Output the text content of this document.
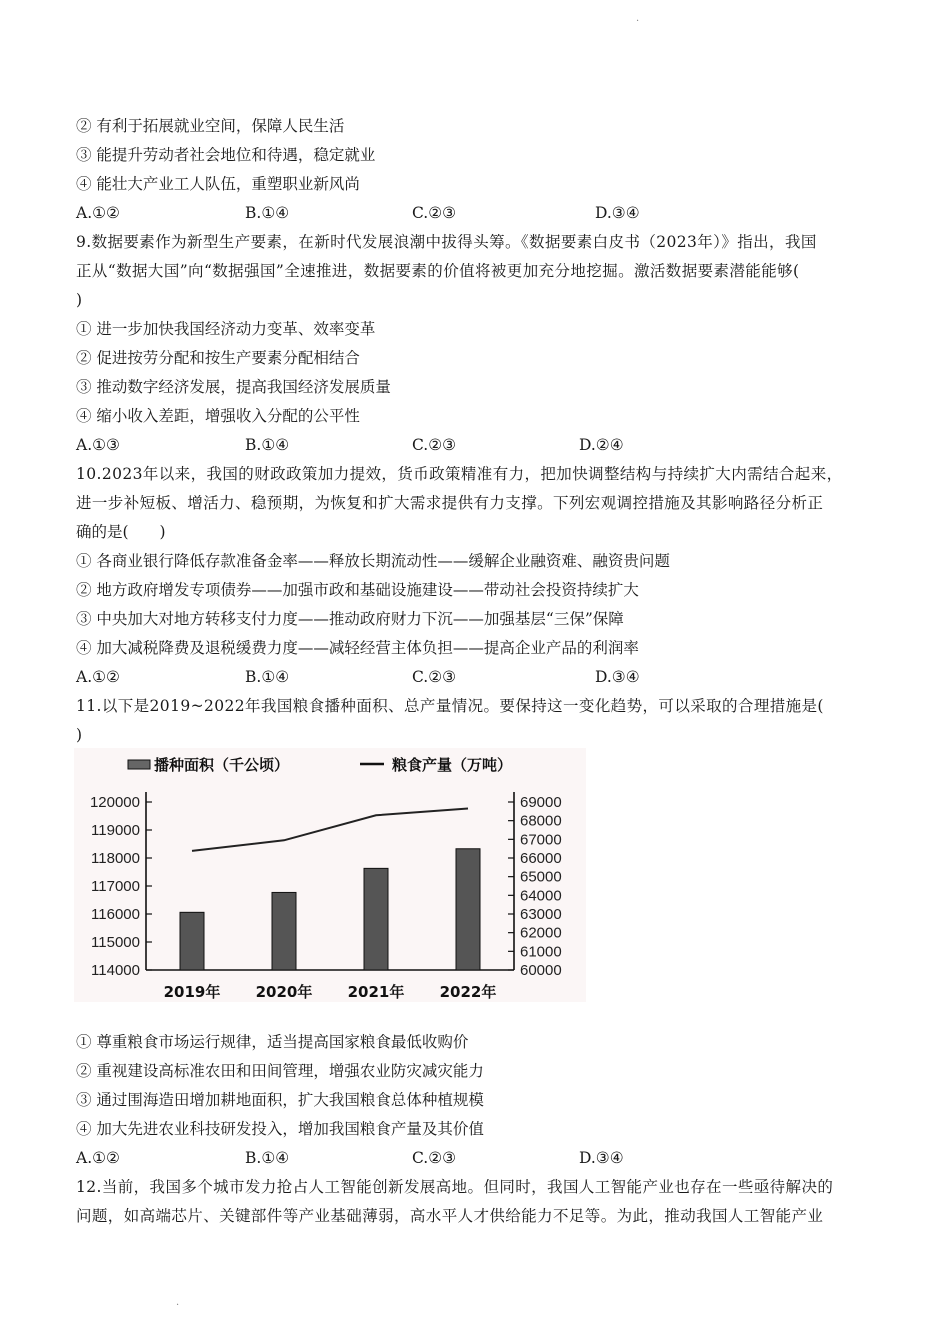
·
② 有利于拓展就业空间，保障人民生活
③ 能提升劳动者社会地位和待遇，稳定就业
④ 能壮大产业工人队伍，重塑职业新风尚
A.①②	B.①④	C.②③	D.③④
9.数据要素作为新型生产要素，在新时代发展浪潮中拔得头筹。《数据要素白皮书（2023年）》指出，我国
正从“数据大国”向“数据强国”全速推进，数据要素的价值将被更加充分地挖掘。激活数据要素潜能能够(
)
① 进一步加快我国经济动力变革、效率变革
② 促进按劳分配和按生产要素分配相结合
③ 推动数字经济发展，提高我国经济发展质量
④ 缩小收入差距，增强收入分配的公平性
A.①③	B.①④	C.②③	D.②④
10.2023年以来，我国的财政政策加力提效，货币政策精准有力，把加快调整结构与持续扩大内需结合起来，
进一步补短板、增活力、稳预期，为恢复和扩大需求提供有力支撑。下列宏观调控措施及其影响路径分析正
确的是(　　)
① 各商业银行降低存款准备金率——释放长期流动性——缓解企业融资难、融资贵问题
② 地方政府增发专项债券——加强市政和基础设施建设——带动社会投资持续扩大
③ 中央加大对地方转移支付力度——推动政府财力下沉——加强基层“三保”保障
④ 加大减税降费及退税缓费力度——减轻经营主体负担——提高企业产品的利润率
A.①②	B.①④	C.②③	D.③④
11.以下是2019~2022年我国粮食播种面积、总产量情况。要保持这一变化趋势，可以采取的合理措施是(
)
播种面积（千公顷）	粮食产量（万吨）
114000
115000
116000
117000
118000
119000
120000
60000
61000
62000
63000
64000
65000
66000
67000
68000
69000
2019年 2020年 2021年 2022年
① 尊重粮食市场运行规律，适当提高国家粮食最低收购价
② 重视建设高标准农田和田间管理，增强农业防灾减灾能力
③ 通过围海造田增加耕地面积，扩大我国粮食总体种植规模
④ 加大先进农业科技研发投入，增加我国粮食产量及其价值
A.①②	B.①④	C.②③	D.③④
12.当前，我国多个城市发力抢占人工智能创新发展高地。但同时，我国人工智能产业也存在一些亟待解决的
问题，如高端芯片、关键部件等产业基础薄弱，高水平人才供给能力不足等。为此，推动我国人工智能产业
·
